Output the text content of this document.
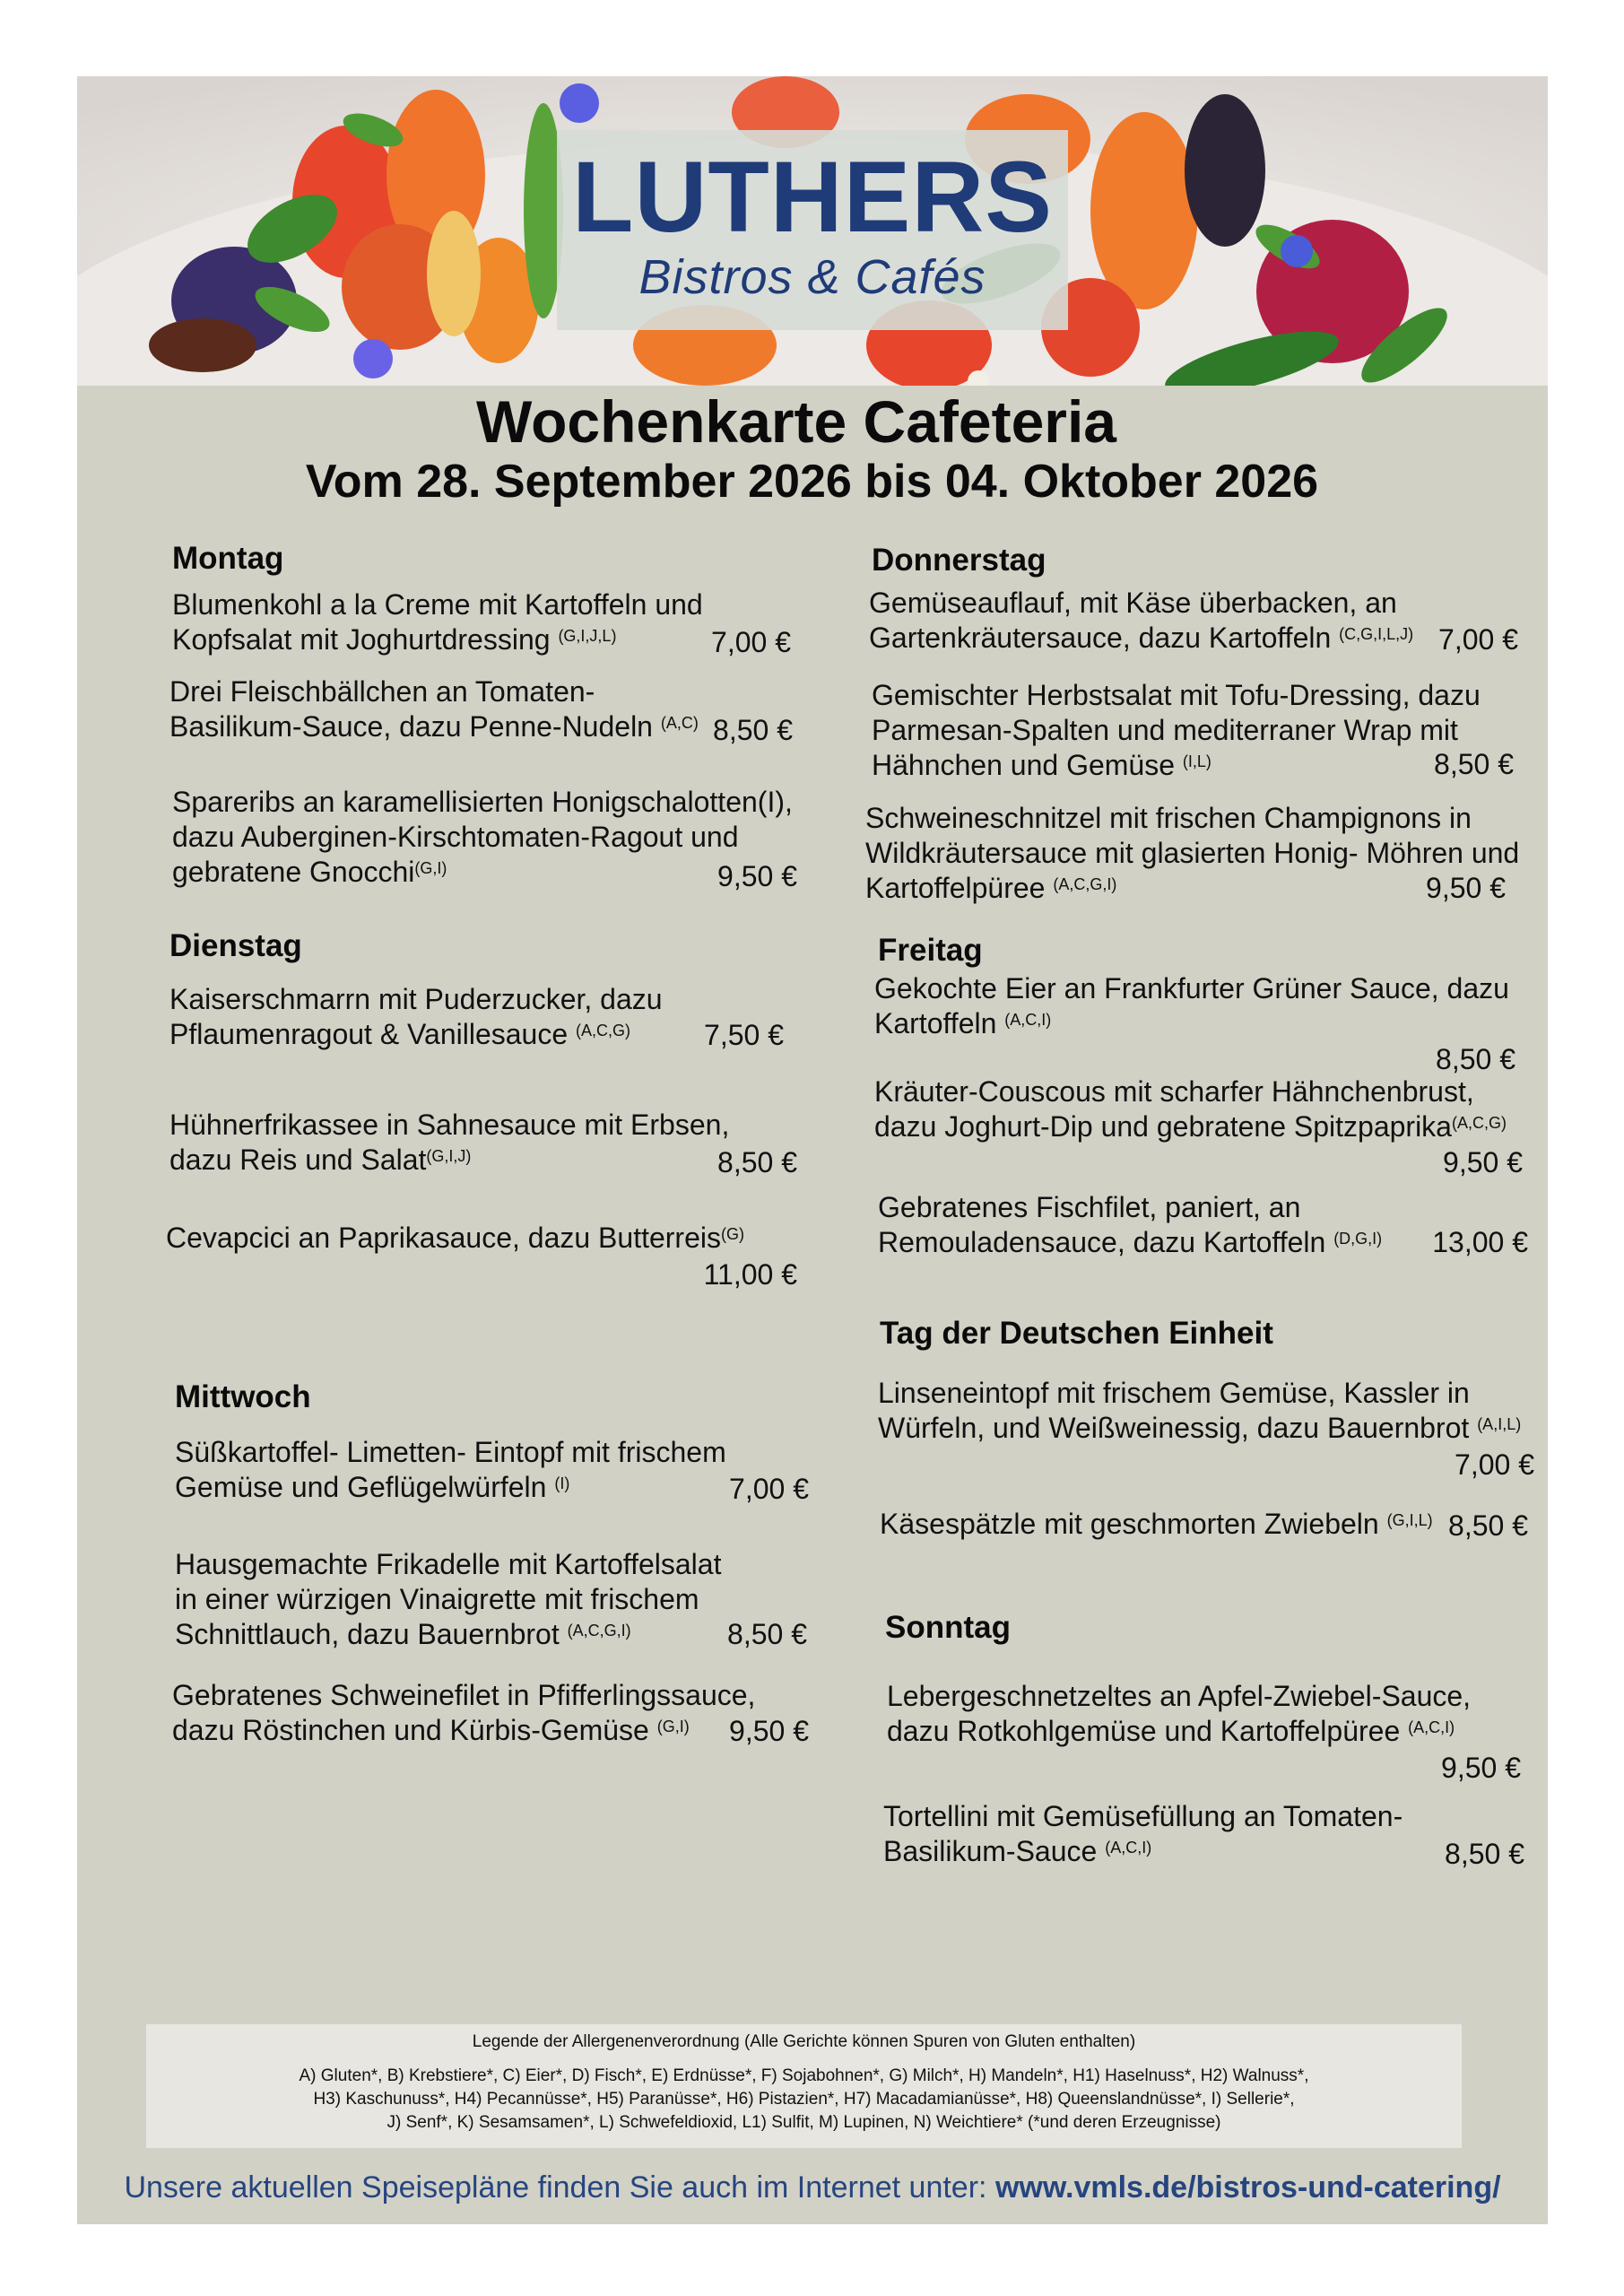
LUTHERS
Bistros & Cafés
Wochenkarte Cafeteria
Vom 28. September 2026 bis 04. Oktober 2026
Montag
Blumenkohl a la Creme mit Kartoffeln und
Kopfsalat mit Joghurtdressing $^{(G,I,J,L)}$	7,00 €
Drei Fleischbällchen an Tomaten-
Basilikum-Sauce, dazu Penne-Nudeln $^{(A,C)}$ 8,50 €
Spareribs an karamellisierten Honigschalotten(I),
dazu Auberginen-Kirschtomaten-Ragout und
gebratene Gnocchi$^{(G,I)}$	9,50 €
Dienstag
Kaiserschmarrn mit Puderzucker, dazu
Pflaumenragout & Vanillesauce $^{(A,C,G)}$	7,50 €
Hühnerfrikassee in Sahnesauce mit Erbsen,
dazu Reis und Salat$^{(G,I,J)}$	8,50 €
Cevapcici an Paprikasauce, dazu Butterreis$^{(G)}$
11,00 €
Mittwoch
Süßkartoffel- Limetten- Eintopf mit frischem
Gemüse und Geflügelwürfeln $^{(I)}$	7,00 €
Hausgemachte Frikadelle mit Kartoffelsalat
in einer würzigen Vinaigrette mit frischem
Schnittlauch, dazu Bauernbrot $^{(A,C,G,I)}$	8,50 €
Gebratenes Schweinefilet in Pfifferlingssauce,
dazu Röstinchen und Kürbis-Gemüse $^{(G,I)}$	9,50 €
Donnerstag
Gemüseauflauf, mit Käse überbacken, an
Gartenkräutersauce, dazu Kartoffeln $^{(C,G,I,L,J)}$ 7,00 €
Gemischter Herbstsalat mit Tofu-Dressing, dazu
Parmesan-Spalten und mediterraner Wrap mit
Hähnchen und Gemüse $^{(I,L)}$	8,50 €
Schweineschnitzel mit frischen Champignons in
Wildkräutersauce mit glasierten Honig- Möhren und
Kartoffelpüree $^{(A,C,G,I)}$	9,50 €
Freitag
Gekochte Eier an Frankfurter Grüner Sauce, dazu
Kartoffeln $^{(A,C,I)}$
8,50 €
Kräuter-Couscous mit scharfer Hähnchenbrust,
dazu Joghurt-Dip und gebratene Spitzpaprika$^{(A,C,G)}$
9,50 €
Gebratenes Fischfilet, paniert, an
Remouladensauce, dazu Kartoffeln $^{(D,G,I)}$ 13,00 €
Tag der Deutschen Einheit
Linseneintopf mit frischem Gemüse, Kassler in
Würfeln, und Weißweinessig, dazu Bauernbrot $^{(A,I,L)}$
7,00 €
Käsespätzle mit geschmorten Zwiebeln $^{(G,I,L)}$ 8,50 €
Sonntag
Lebergeschnetzeltes an Apfel-Zwiebel-Sauce,
dazu Rotkohlgemüse und Kartoffelpüree $^{(A,C,I)}$
9,50 €
Tortellini mit Gemüsefüllung an Tomaten-
Basilikum-Sauce $^{(A,C,I)}$	8,50 €
Legende der Allergenenverordnung (Alle Gerichte können Spuren von Gluten enthalten)
A) Gluten*, B) Krebstiere*, C) Eier*, D) Fisch*, E) Erdnüsse*, F) Sojabohnen*, G) Milch*, H) Mandeln*, H1) Haselnuss*, H2) Walnuss*,
H3) Kaschunuss*, H4) Pecannüsse*, H5) Paranüsse*, H6) Pistazien*, H7) Macadamianüsse*, H8) Queenslandnüsse*, I) Sellerie*,
J) Senf*, K) Sesamsamen*, L) Schwefeldioxid, L1) Sulfit, M) Lupinen, N) Weichtiere* (*und deren Erzeugnisse)
Unsere aktuellen Speisepläne finden Sie auch im Internet unter: www.vmls.de/bistros-und-catering/
